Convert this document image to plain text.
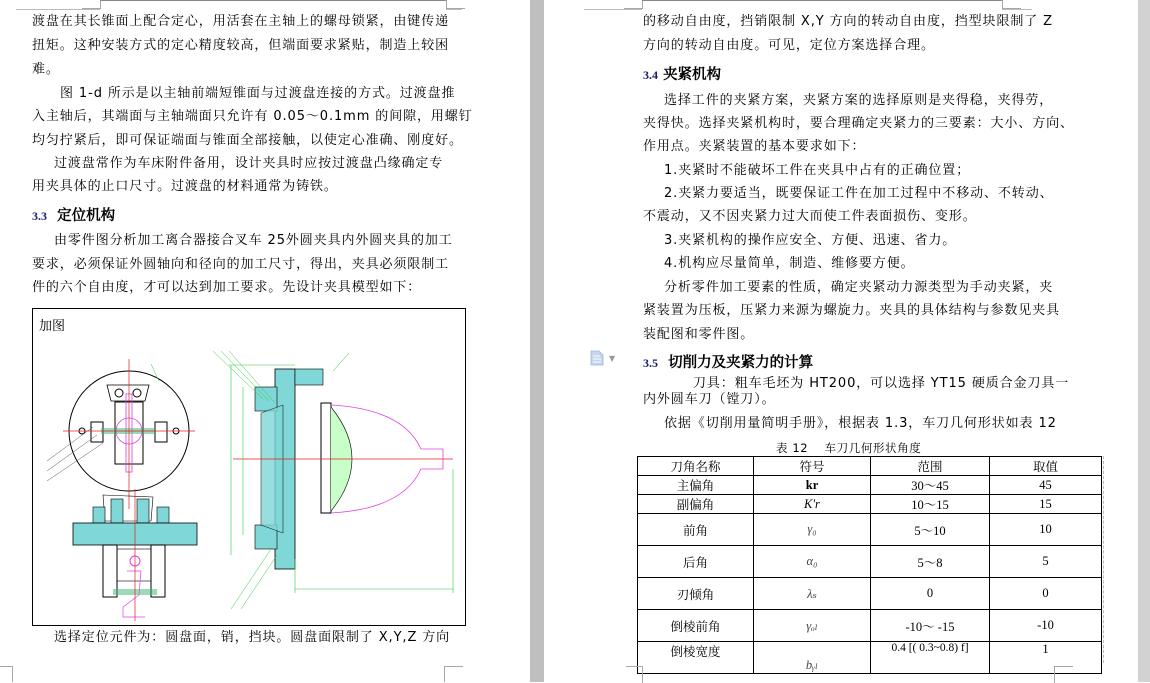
渡盘在其长锥面上配合定心，用活套在主轴上的螺母锁紧，由键传递
扭矩。这种安装方式的定心精度较高，但端面要求紧贴，制造上较困
难。
图 1-d 所示是以主轴前端短锥面与过渡盘连接的方式。过渡盘推
入主轴后，其端面与主轴端面只允许有 0.05～0.1mm 的间隙，用螺钉
均匀拧紧后，即可保证端面与锥面全部接触，以使定心准确、刚度好。
过渡盘常作为车床附件备用，设计夹具时应按过渡盘凸缘确定专
用夹具体的止口尺寸。过渡盘的材料通常为铸铁。
3.3 定位机构
由零件图分析加工离合器接合叉车 25外圆夹具内外圆夹具的加工
要求，必须保证外圆轴向和径向的加工尺寸，得出，夹具必须限制工
件的六个自由度，才可以达到加工要求。先设计夹具模型如下：
加图
选择定位元件为：圆盘面，销，挡块。圆盘面限制了 X,Y,Z 方向
的移动自由度，挡销限制 X,Y 方向的转动自由度，挡型块限制了 Z
方向的转动自由度。可见，定位方案选择合理。
3.4 夹紧机构
选择工件的夹紧方案，夹紧方案的选择原则是夹得稳，夹得劳，
夹得快。选择夹紧机构时，要合理确定夹紧力的三要素：大小、方向、
作用点。夹紧装置的基本要求如下：
1.夹紧时不能破坏工件在夹具中占有的正确位置；
2.夹紧力要适当，既要保证工件在加工过程中不移动、不转动、
不震动，又不因夹紧力过大而使工件表面损伤、变形。
3.夹紧机构的操作应安全、方便、迅速、省力。
4.机构应尽量简单，制造、维修要方便。
分析零件加工要素的性质，确定夹紧动力源类型为手动夹紧，夹
紧装置为压板，压紧力来源为螺旋力。夹具的具体结构与参数见夹具
装配图和零件图。
▼ 3.5 切削力及夹紧力的计算
刀具：粗车毛坯为 HT200，可以选择 YT15 硬质合金刀具一
内外圆车刀（镗刀）。
依据《切削用量简明手册》，根据表 1.3，车刀几何形状如表 12
表 12　 车刀几何形状角度
刀角名称	符号	范围	取值
主偏角	kr	30～45	45
副偏角	K'r	10～15	15
前角	γ₀	5～10	10
后角	α₀	5～8	5
刃倾角	λₛ	0	0
倒棱前角	γₒₗ	-10～ -15	-10
倒棱宽度	bᵧₗ	0.4 [( 0.3~0.8) f]	1
